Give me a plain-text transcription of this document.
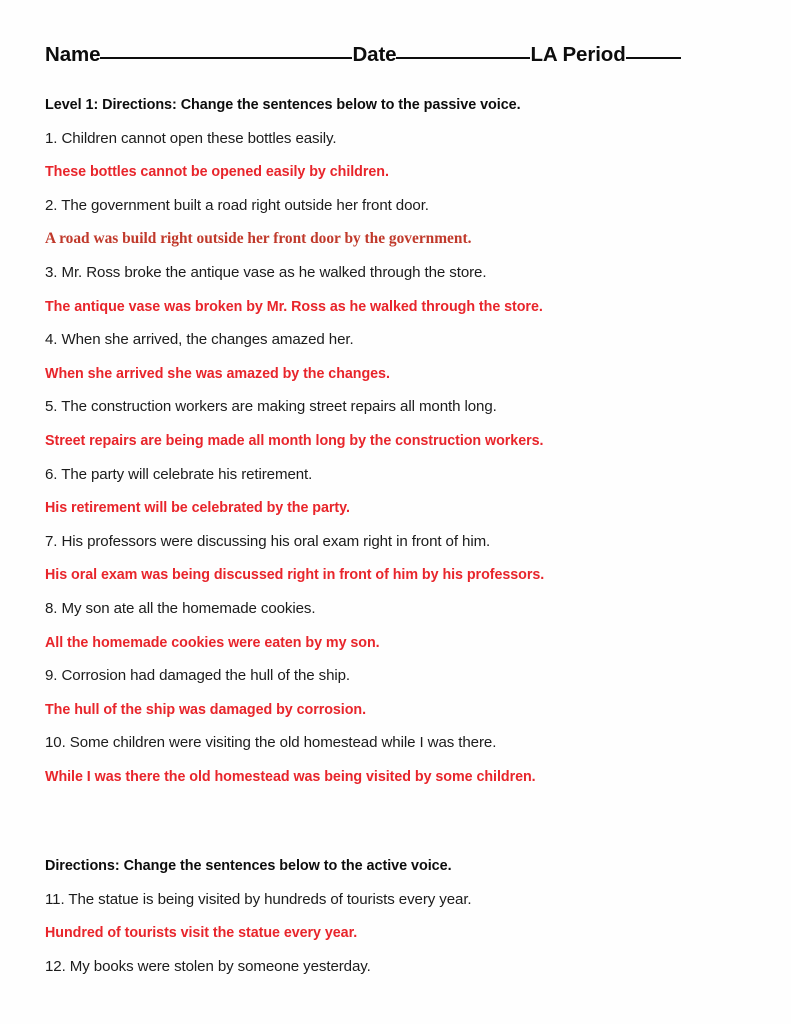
Name	Date	LA Period
Level 1: Directions: Change the sentences below to the passive voice.
1. Children cannot open these bottles easily.
These bottles cannot be opened easily by children.
2. The government built a road right outside her front door.
A road was build right outside her front door by the government.
3. Mr. Ross broke the antique vase as he walked through the store.
The antique vase was broken by Mr. Ross as he walked through the store.
4. When she arrived, the changes amazed her.
When she arrived she was amazed by the changes.
5. The construction workers are making street repairs all month long.
Street repairs are being made all month long by the construction workers.
6. The party will celebrate his retirement.
His retirement will be celebrated by the party.
7. His professors were discussing his oral exam right in front of him.
His oral exam was being discussed right in front of him by his professors.
8. My son ate all the homemade cookies.
All the homemade cookies were eaten by my son.
9. Corrosion had damaged the hull of the ship.
The hull of the ship was damaged by corrosion.
10. Some children were visiting the old homestead while I was there.
While I was there the old homestead was being visited by some children.
Directions: Change the sentences below to the active voice.
11. The statue is being visited by hundreds of tourists every year.
Hundred of tourists visit the statue every year.
12. My books were stolen by someone yesterday.
